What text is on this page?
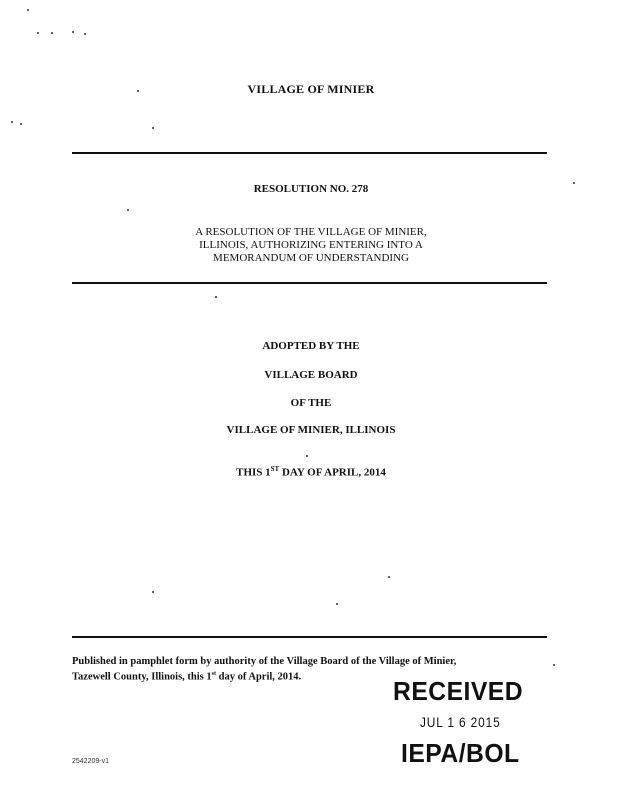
VILLAGE OF MINIER
RESOLUTION NO. 278
A RESOLUTION OF THE VILLAGE OF MINIER,
ILLINOIS, AUTHORIZING ENTERING INTO A
MEMORANDUM OF UNDERSTANDING
ADOPTED BY THE
VILLAGE BOARD
OF THE
VILLAGE OF MINIER, ILLINOIS
THIS 1ST DAY OF APRIL, 2014
Published in pamphlet form by authority of the Village Board of the Village of Minier,
Tazewell County, Illinois, this 1st day of April, 2014.	RECEIVED
JUL 1 6 2015
IEPA/BOL
2542209-v1
